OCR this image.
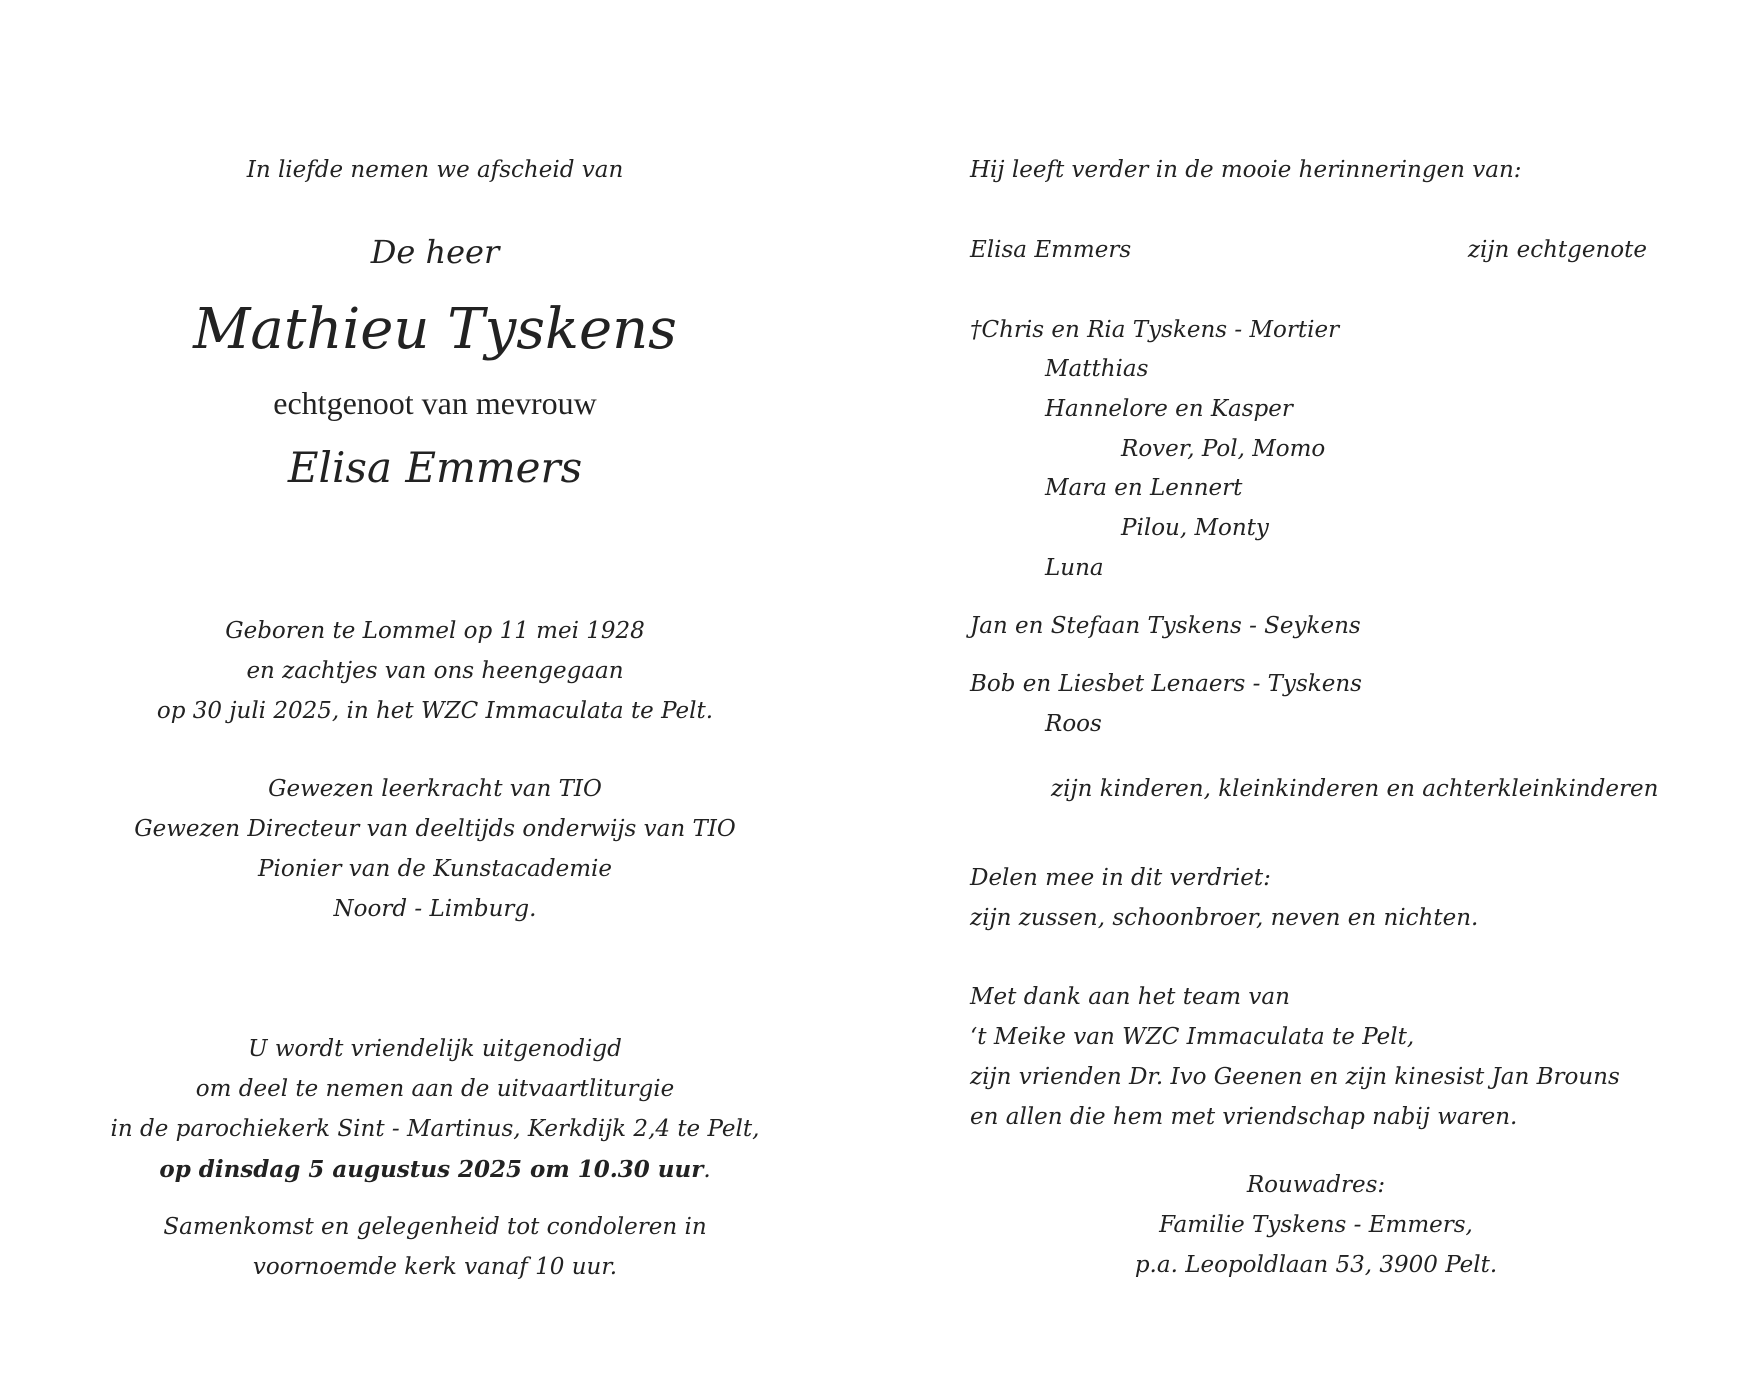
In liefde nemen we afscheid van
De heer
Mathieu Tyskens
echtgenoot van mevrouw
Elisa Emmers
Geboren te Lommel op 11 mei 1928
en zachtjes van ons heengegaan
op 30 juli 2025, in het WZC Immaculata te Pelt.
Gewezen leerkracht van TIO
Gewezen Directeur van deeltijds onderwijs van TIO
Pionier van de Kunstacademie
Noord - Limburg.
U wordt vriendelijk uitgenodigd
om deel te nemen aan de uitvaartliturgie
in de parochiekerk Sint - Martinus, Kerkdijk 2,4 te Pelt,
op dinsdag 5 augustus 2025 om 10.30 uur.
Samenkomst en gelegenheid tot condoleren in
voornoemde kerk vanaf 10 uur.
Hij leeft verder in de mooie herinneringen van:
Elisa Emmers	zijn echtgenote
†Chris en Ria Tyskens - Mortier
Matthias
Hannelore en Kasper
Rover, Pol, Momo
Mara en Lennert
Pilou, Monty
Luna
Jan en Stefaan Tyskens - Seykens
Bob en Liesbet Lenaers - Tyskens
Roos
zijn kinderen, kleinkinderen en achterkleinkinderen
Delen mee in dit verdriet:
zijn zussen, schoonbroer, neven en nichten.
Met dank aan het team van
‘t Meike van WZC Immaculata te Pelt,
zijn vrienden Dr. Ivo Geenen en zijn kinesist Jan Brouns
en allen die hem met vriendschap nabij waren.
Rouwadres:
Familie Tyskens - Emmers,
p.a. Leopoldlaan 53, 3900 Pelt.
